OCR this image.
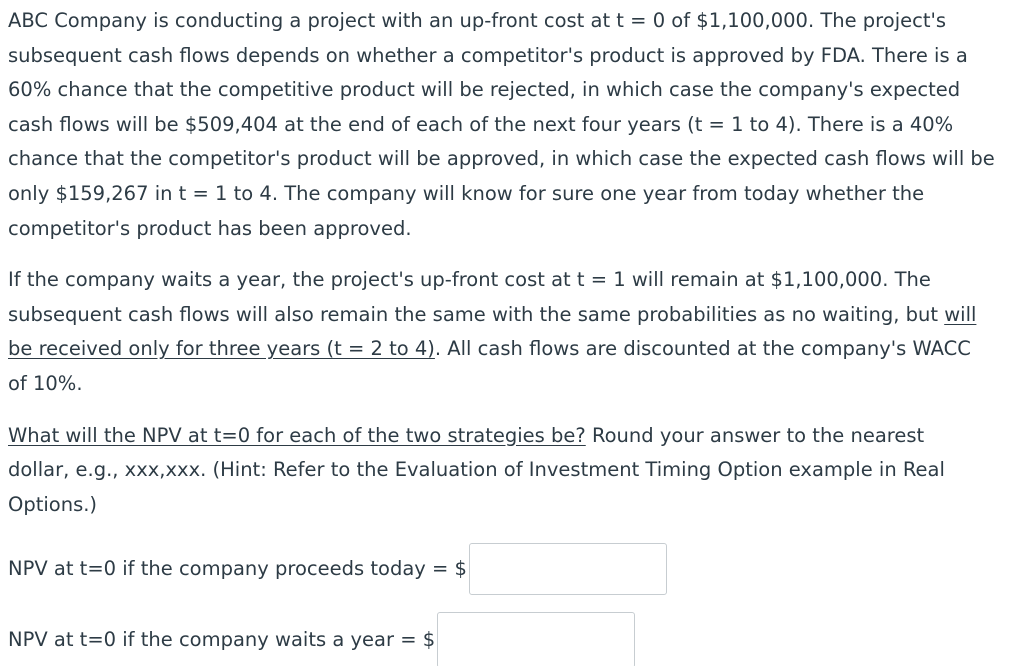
ABC Company is conducting a project with an up-front cost at t = 0 of $1,100,000. The project's
subsequent cash flows depends on whether a competitor's product is approved by FDA. There is a
60% chance that the competitive product will be rejected, in which case the company's expected
cash flows will be $509,404 at the end of each of the next four years (t = 1 to 4). There is a 40%
chance that the competitor's product will be approved, in which case the expected cash flows will be
only $159,267 in t = 1 to 4. The company will know for sure one year from today whether the
competitor's product has been approved.

If the company waits a year, the project's up-front cost at t = 1 will remain at $1,100,000. The
subsequent cash flows will also remain the same with the same probabilities as no waiting, but will
be received only for three years (t = 2 to 4). All cash flows are discounted at the company's WACC
of 10%.

What will the NPV at t=0 for each of the two strategies be? Round your answer to the nearest
dollar, e.g., xxx,xxx. (Hint: Refer to the Evaluation of Investment Timing Option example in Real
Options.)

NPV at t=0 if the company proceeds today = $
NPV at t=0 if the company waits a year = $
